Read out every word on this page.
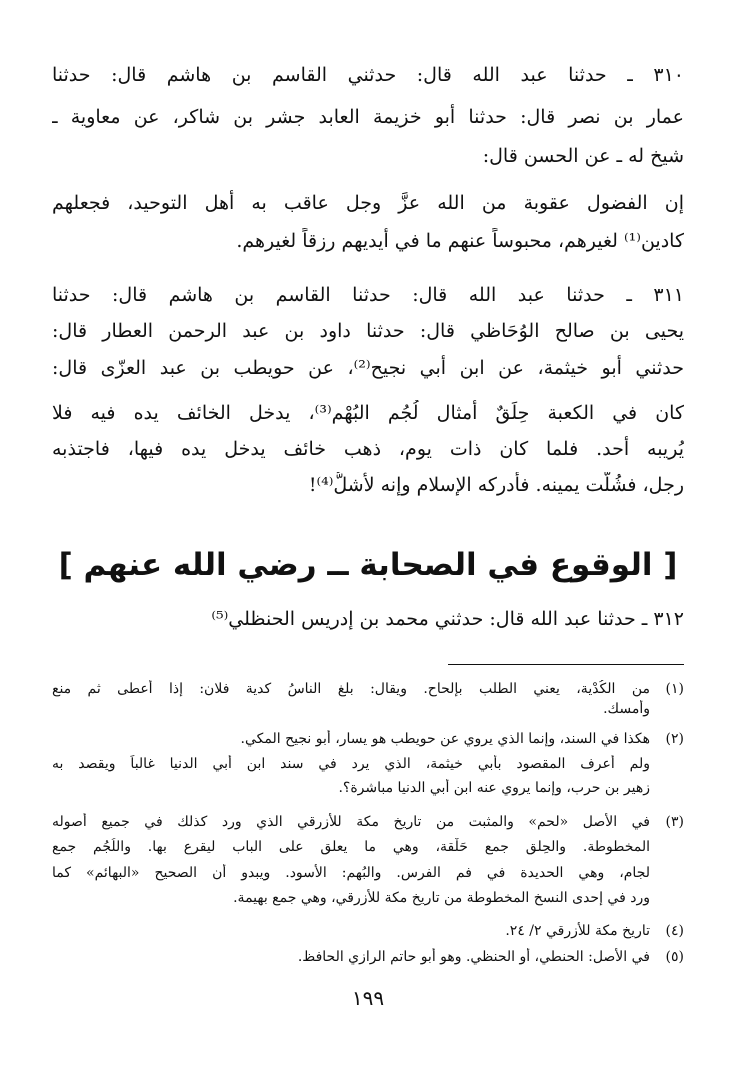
٣١٠ ـ حدثنا عبد الله قال: حدثني القاسم بن هاشم قال: حدثنا
عمار بن نصر قال: حدثنا أبو خزيمة العابد جشر بن شاكر، عن معاوية ـ
شيخ له ـ عن الحسن قال:
إن الفضول عقوبة من الله عزَّ وجل عاقب به أهل التوحيد، فجعلهم
كادين⁽¹⁾ لغيرهم، محبوساً عنهم ما في أيديهم رزقاً لغيرهم.
٣١١ ـ حدثنا عبد الله قال: حدثنا القاسم بن هاشم قال: حدثنا
يحيى بن صالح الوُحَاظي قال: حدثنا داود بن عبد الرحمن العطار قال:
حدثني أبو خيثمة، عن ابن أبي نجيح⁽²⁾، عن حويطب بن عبد العزّى قال:
كان في الكعبة حِلَقٌ أمثال لُجُم البُهْم⁽³⁾، يدخل الخائف يده فيه فلا
يُريبه أحد. فلما كان ذات يوم، ذهب خائف يدخل يده فيها، فاجتذبه
رجل، فشُلَّت يمينه. فأدركه الإسلام وإنه لأشلُّ⁽⁴⁾!
[ الوقوع في الصحابة ــ رضي الله عنهم ]
٣١٢ ـ حدثنا عبد الله قال: حدثني محمد بن إدريس الحنظلي⁽⁵⁾
(١)من الكُدْية، يعني الطلب بإلحاح. ويقال: بلغ الناسُ كدية فلان: إذا أعطى ثم منع
وأمسك.
(٢)هكذا في السند، وإنما الذي يروي عن حويطب هو يسار، أبو نجيح المكي.
ولم أعرف المقصود بأبي خيثمة، الذي يرد في سند ابن أبي الدنيا غالباً ويقصد به
زهير بن حرب، وإنما يروي عنه ابن أبي الدنيا مباشرة؟.
(٣)في الأصل «لحم» والمثبت من تاريخ مكة للأزرقي الذي ورد كذلك في جميع أصوله
المخطوطة. والحِلق جمع حَلْقة، وهي ما يعلق على الباب ليقرع بها. واللُجُم جمع
لجام، وهي الحديدة في فم الفرس. والبُهم: الأسود. ويبدو أن الصحيح «البهائم» كما
ورد في إحدى النسخ المخطوطة من تاريخ مكة للأزرقي، وهي جمع بهيمة.
(٤)تاريخ مكة للأزرقي ٢/ ٢٤.
(٥)في الأصل: الحنطي، أو الحنظي. وهو أبو حاتم الرازي الحافظ.
١٩٩
